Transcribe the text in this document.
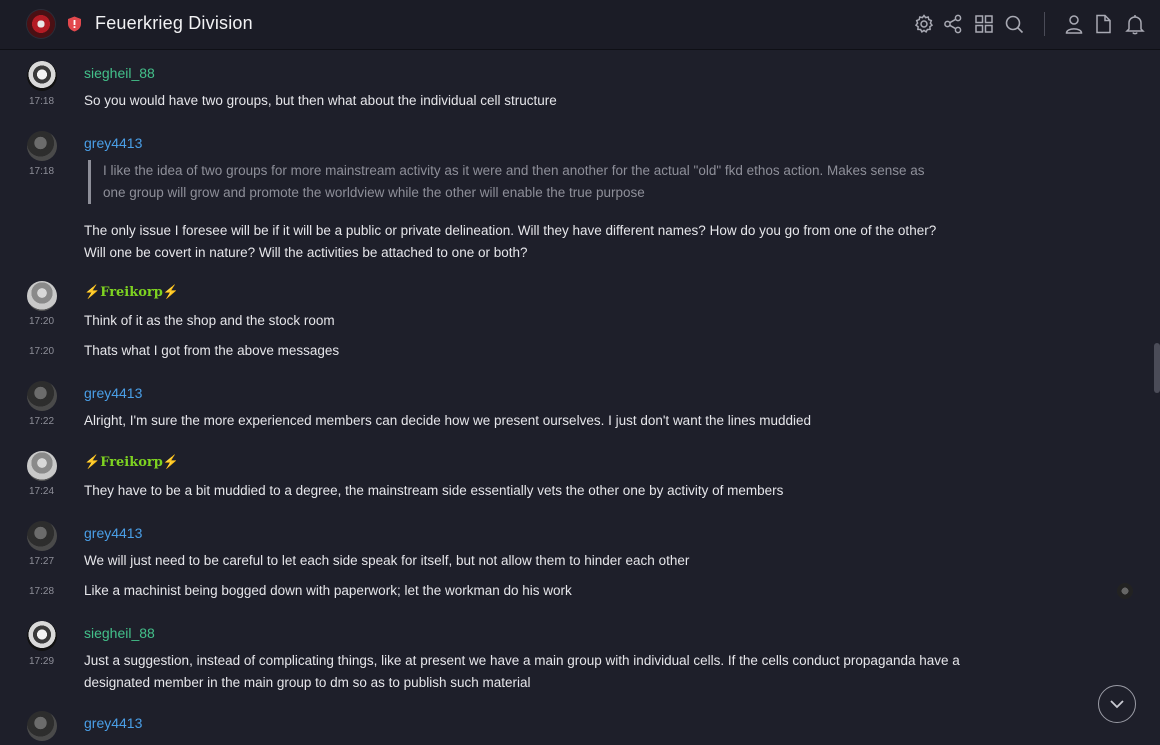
Feuerkrieg Division
siegheil_88
17:18 So you would have two groups, but then what about the individual cell structure
grey4413
17:18	I like the idea of two groups for more mainstream activity as it were and then another for the actual "old" fkd ethos action. Makes sense as
one group will grow and promote the worldview while the other will enable the true purpose
The only issue I foresee will be if it will be a public or private delineation. Will they have different names? How do you go from one of the other?
Will one be covert in nature? Will the activities be attached to one or both?
⚡Freikorp⚡
17:20 Think of it as the shop and the stock room
17:20 Thats what I got from the above messages
grey4413
17:22 Alright, I'm sure the more experienced members can decide how we present ourselves. I just don't want the lines muddied
⚡Freikorp⚡
17:24 They have to be a bit muddied to a degree, the mainstream side essentially vets the other one by activity of members
grey4413
17:27 We will just need to be careful to let each side speak for itself, but not allow them to hinder each other
17:28 Like a machinist being bogged down with paperwork; let the workman do his work
siegheil_88
17:29 Just a suggestion, instead of complicating things, like at present we have a main group with individual cells. If the cells conduct propaganda have a
designated member in the main group to dm so as to publish such material
grey4413
